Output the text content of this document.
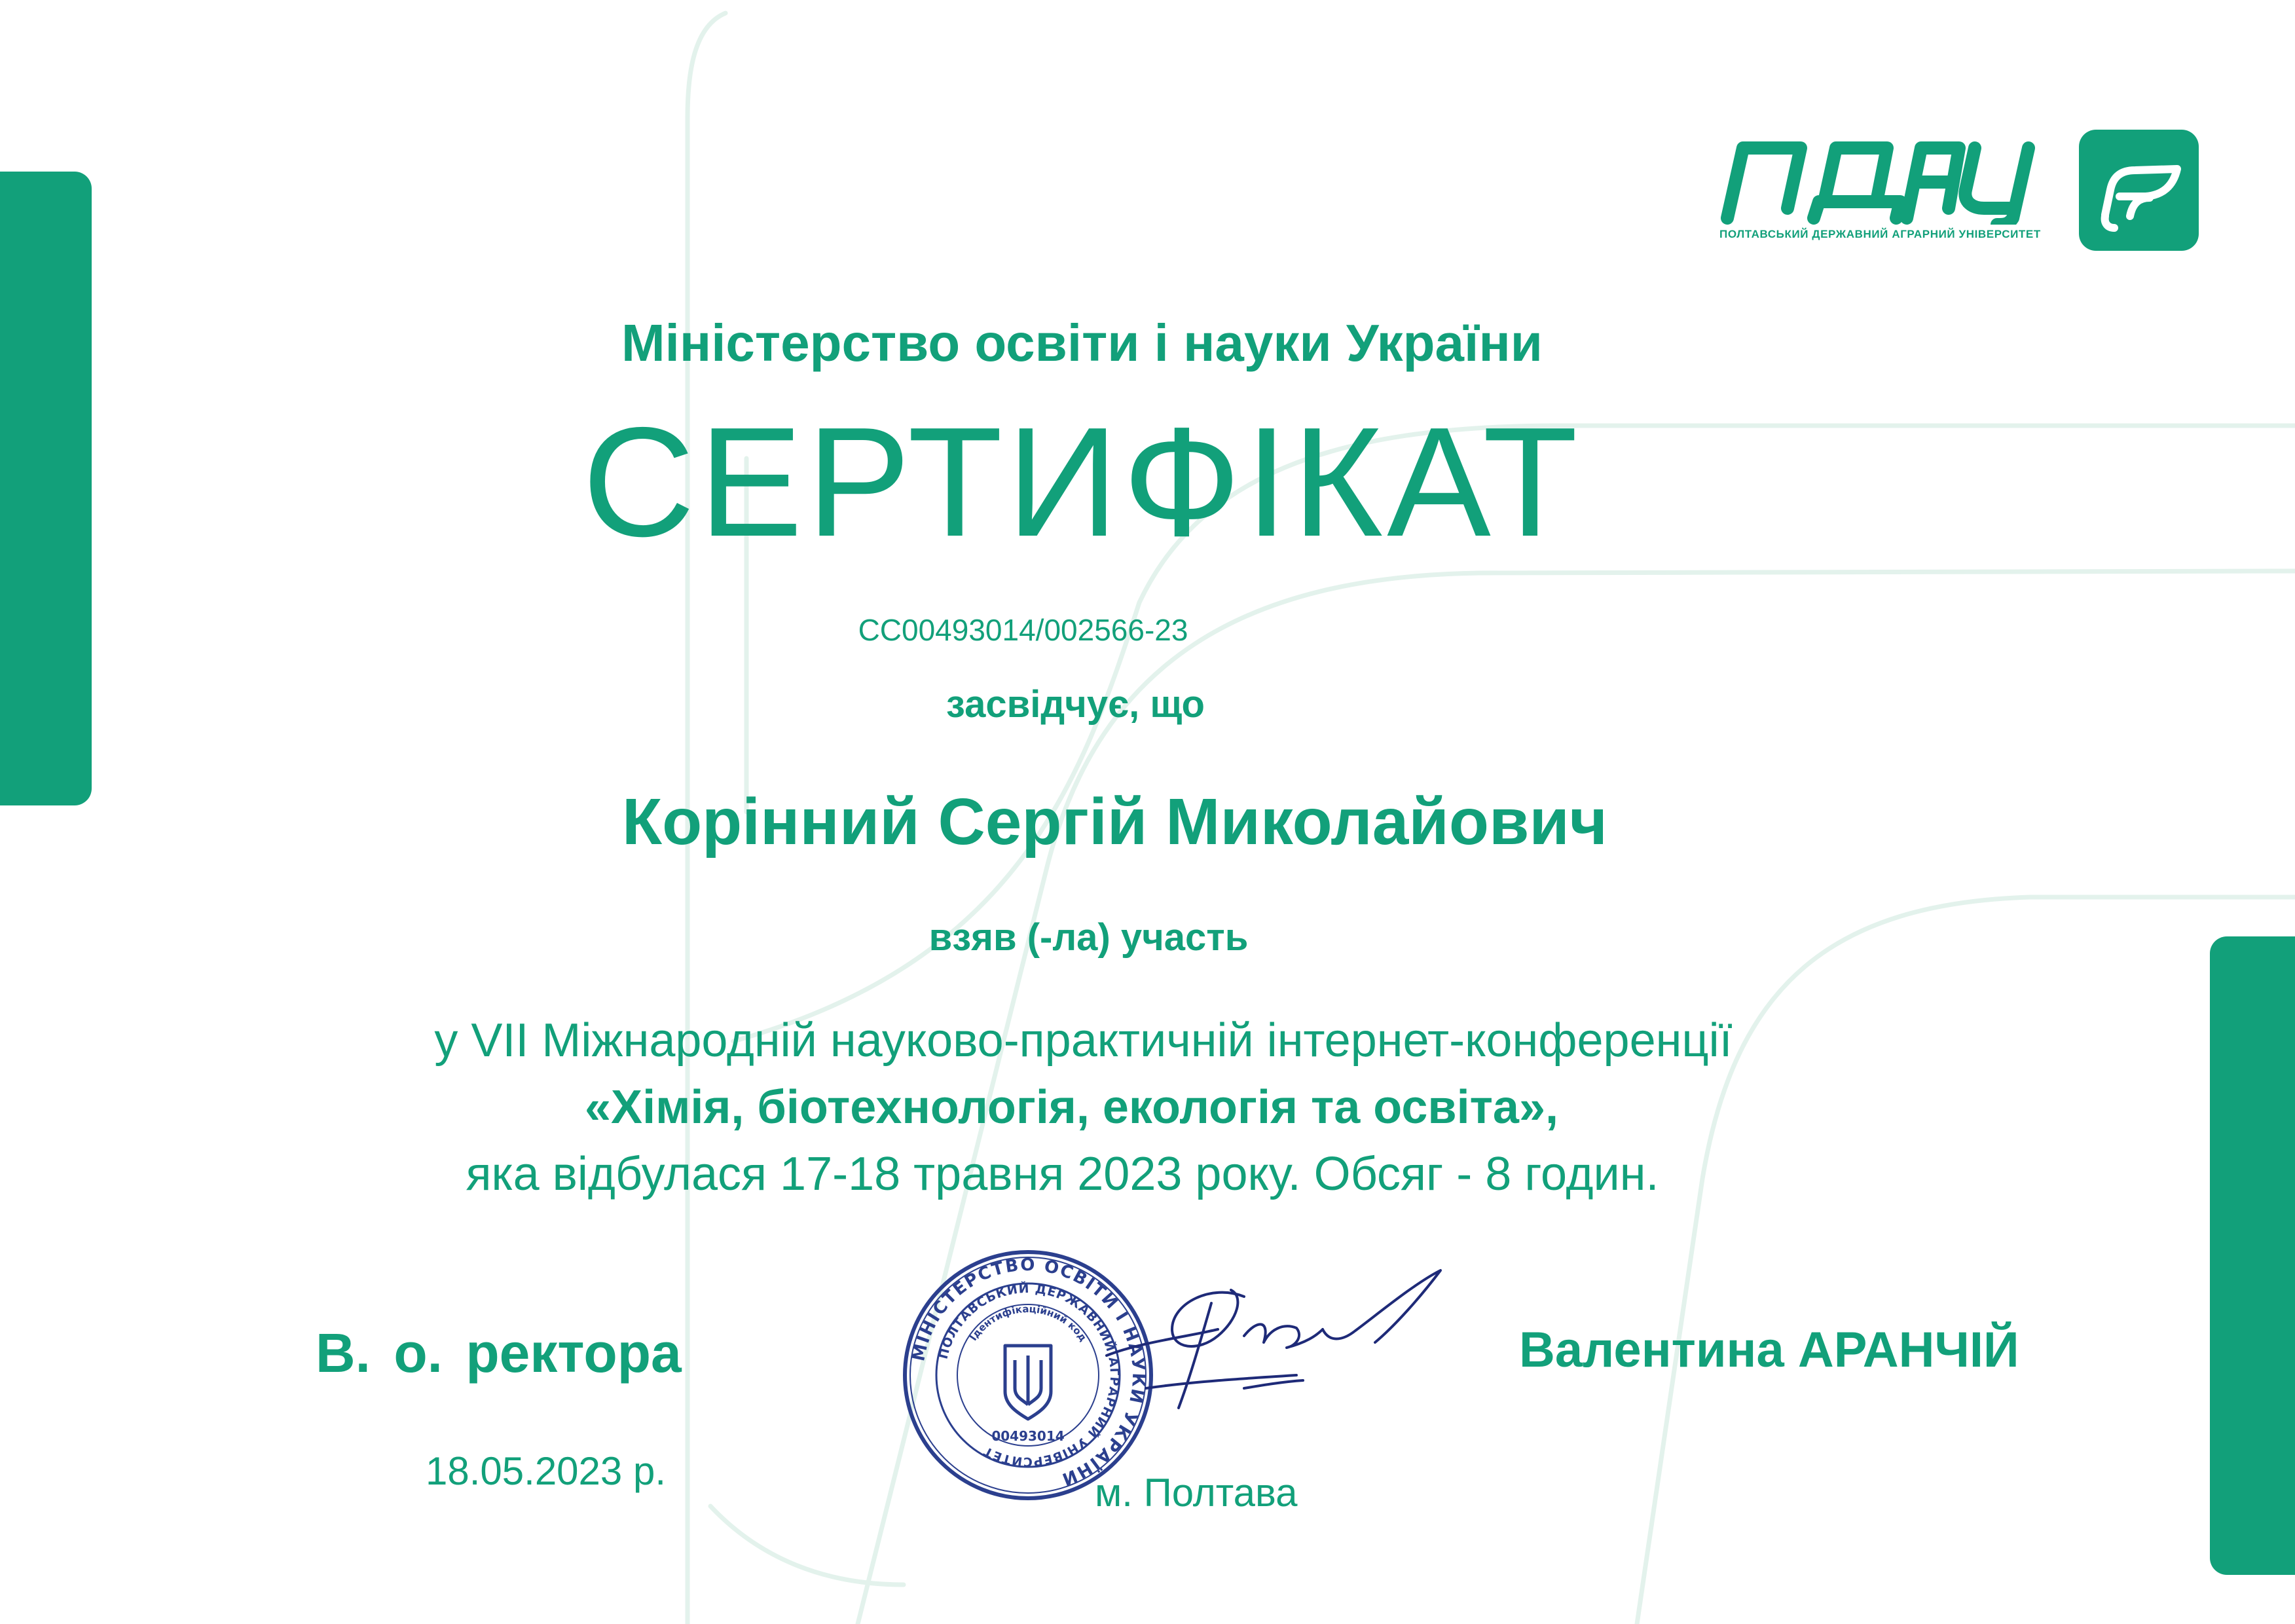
ПОЛТАВСЬКИЙ ДЕРЖАВНИЙ АГРАРНИЙ УНІВЕРСИТЕТ
Міністерство освіти і науки України
СЕРТИФІКАТ
СС00493014/002566-23
засвідчує, що
Корінний Сергій Миколайович
взяв (-ла) участь
у VII Міжнародній науково-практичній інтернет-конференції
«Хімія, біотехнологія, екологія та освіта»,
яка відбулася 17-18 травня 2023 року. Обсяг - 8 годин.
В. о. ректора	Валентина АРАНЧІЙ
18.05.2023 р.	м. Полтава
МІНІСТЕРСТВО ОСВІТИ І НАУКИ УКРАЇНИ
ПОЛТАВСЬКИЙ ДЕРЖАВНИЙ АГРАРНИЙ УНІВЕРСИТЕТ
Ідентифікаційний код
00493014
